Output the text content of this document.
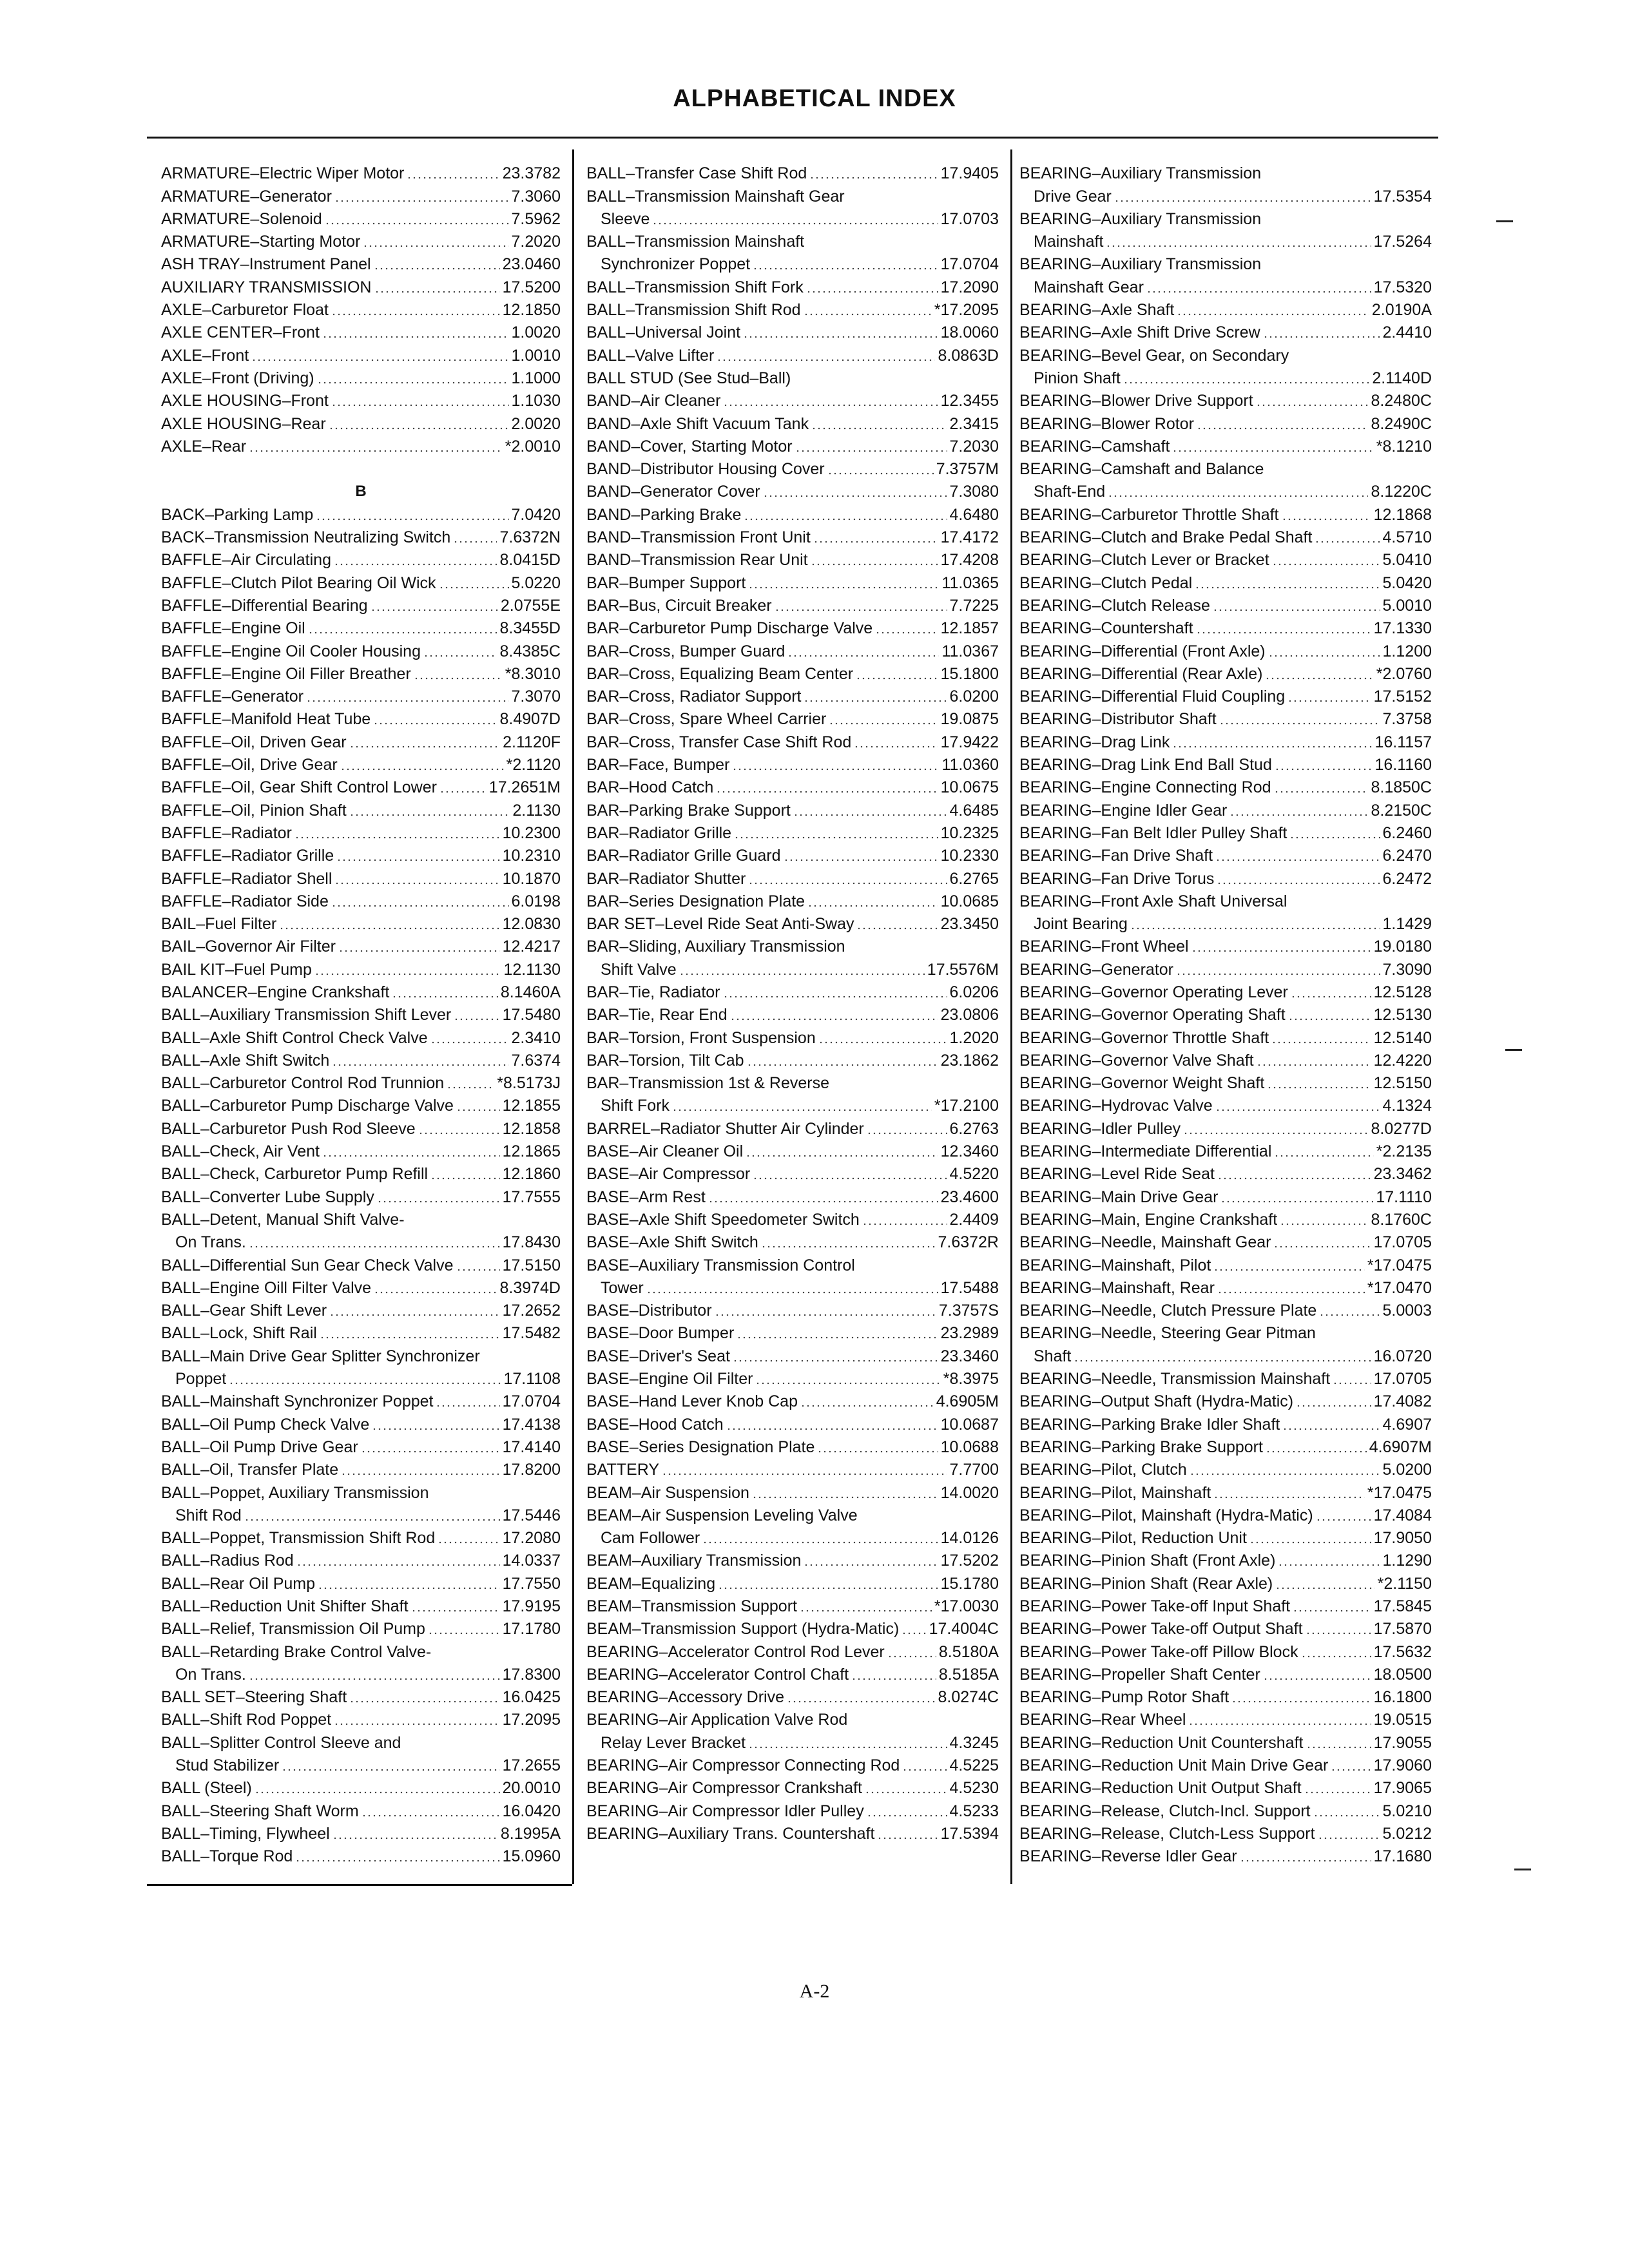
ALPHABETICAL INDEX
ARMATURE–Electric Wiper Motor	23.3782
ARMATURE–Generator	7.3060
ARMATURE–Solenoid	7.5962
ARMATURE–Starting Motor	7.2020
ASH TRAY–Instrument Panel	23.0460
AUXILIARY TRANSMISSION	17.5200
AXLE–Carburetor Float	12.1850
AXLE CENTER–Front	1.0020
AXLE–Front	1.0010
AXLE–Front (Driving)	1.1000
AXLE HOUSING–Front	1.1030
AXLE HOUSING–Rear	2.0020
AXLE–Rear	*2.0010
B
BACK–Parking Lamp	7.0420
BACK–Transmission Neutralizing Switch	7.6372N
BAFFLE–Air Circulating	8.0415D
BAFFLE–Clutch Pilot Bearing Oil Wick	5.0220
BAFFLE–Differential Bearing	2.0755E
BAFFLE–Engine Oil	8.3455D
BAFFLE–Engine Oil Cooler Housing	8.4385C
BAFFLE–Engine Oil Filler Breather	*8.3010
BAFFLE–Generator	7.3070
BAFFLE–Manifold Heat Tube	8.4907D
BAFFLE–Oil, Driven Gear	2.1120F
BAFFLE–Oil, Drive Gear	*2.1120
BAFFLE–Oil, Gear Shift Control Lower	17.2651M
BAFFLE–Oil, Pinion Shaft	2.1130
BAFFLE–Radiator	10.2300
BAFFLE–Radiator Grille	10.2310
BAFFLE–Radiator Shell	10.1870
BAFFLE–Radiator Side	6.0198
BAIL–Fuel Filter	12.0830
BAIL–Governor Air Filter	12.4217
BAIL KIT–Fuel Pump	12.1130
BALANCER–Engine Crankshaft	8.1460A
BALL–Auxiliary Transmission Shift Lever	17.5480
BALL–Axle Shift Control Check Valve	2.3410
BALL–Axle Shift Switch	7.6374
BALL–Carburetor Control Rod Trunnion	*8.5173J
BALL–Carburetor Pump Discharge Valve	12.1855
BALL–Carburetor Push Rod Sleeve	12.1858
BALL–Check, Air Vent	12.1865
BALL–Check, Carburetor Pump Refill	12.1860
BALL–Converter Lube Supply	17.7555
BALL–Detent, Manual Shift Valve-
On Trans.	17.8430
BALL–Differential Sun Gear Check Valve	17.5150
BALL–Engine Oill Filter Valve	8.3974D
BALL–Gear Shift Lever	17.2652
BALL–Lock, Shift Rail	17.5482
BALL–Main Drive Gear Splitter Synchronizer
Poppet	17.1108
BALL–Mainshaft Synchronizer Poppet	17.0704
BALL–Oil Pump Check Valve	17.4138
BALL–Oil Pump Drive Gear	17.4140
BALL–Oil, Transfer Plate	17.8200
BALL–Poppet, Auxiliary Transmission
Shift Rod	17.5446
BALL–Poppet, Transmission Shift Rod	17.2080
BALL–Radius Rod	14.0337
BALL–Rear Oil Pump	17.7550
BALL–Reduction Unit Shifter Shaft	17.9195
BALL–Relief, Transmission Oil Pump	17.1780
BALL–Retarding Brake Control Valve-
On Trans.	17.8300
BALL SET–Steering Shaft	16.0425
BALL–Shift Rod Poppet	17.2095
BALL–Splitter Control Sleeve and
Stud Stabilizer	17.2655
BALL (Steel)	20.0010
BALL–Steering Shaft Worm	16.0420
BALL–Timing, Flywheel	8.1995A
BALL–Torque Rod	15.0960
BALL–Transfer Case Shift Rod	17.9405
BALL–Transmission Mainshaft Gear
Sleeve	17.0703
BALL–Transmission Mainshaft
Synchronizer Poppet	17.0704
BALL–Transmission Shift Fork	17.2090
BALL–Transmission Shift Rod	*17.2095
BALL–Universal Joint	18.0060
BALL–Valve Lifter	8.0863D
BALL STUD (See Stud–Ball)
BAND–Air Cleaner	12.3455
BAND–Axle Shift Vacuum Tank	2.3415
BAND–Cover, Starting Motor	7.2030
BAND–Distributor Housing Cover	7.3757M
BAND–Generator Cover	7.3080
BAND–Parking Brake	4.6480
BAND–Transmission Front Unit	17.4172
BAND–Transmission Rear Unit	17.4208
BAR–Bumper Support	11.0365
BAR–Bus, Circuit Breaker	7.7225
BAR–Carburetor Pump Discharge Valve	12.1857
BAR–Cross, Bumper Guard	11.0367
BAR–Cross, Equalizing Beam Center	15.1800
BAR–Cross, Radiator Support	6.0200
BAR–Cross, Spare Wheel Carrier	19.0875
BAR–Cross, Transfer Case Shift Rod	17.9422
BAR–Face, Bumper	11.0360
BAR–Hood Catch	10.0675
BAR–Parking Brake Support	4.6485
BAR–Radiator Grille	10.2325
BAR–Radiator Grille Guard	10.2330
BAR–Radiator Shutter	6.2765
BAR–Series Designation Plate	10.0685
BAR SET–Level Ride Seat Anti-Sway	23.3450
BAR–Sliding, Auxiliary Transmission
Shift Valve	17.5576M
BAR–Tie, Radiator	6.0206
BAR–Tie, Rear End	23.0806
BAR–Torsion, Front Suspension	1.2020
BAR–Torsion, Tilt Cab	23.1862
BAR–Transmission 1st & Reverse
Shift Fork	*17.2100
BARREL–Radiator Shutter Air Cylinder	6.2763
BASE–Air Cleaner Oil	12.3460
BASE–Air Compressor	4.5220
BASE–Arm Rest	23.4600
BASE–Axle Shift Speedometer Switch	2.4409
BASE–Axle Shift Switch	7.6372R
BASE–Auxiliary Transmission Control
Tower	17.5488
BASE–Distributor	7.3757S
BASE–Door Bumper	23.2989
BASE–Driver's Seat	23.3460
BASE–Engine Oil Filter	*8.3975
BASE–Hand Lever Knob Cap	4.6905M
BASE–Hood Catch	10.0687
BASE–Series Designation Plate	10.0688
BATTERY	7.7700
BEAM–Air Suspension	14.0020
BEAM–Air Suspension Leveling Valve
Cam Follower	14.0126
BEAM–Auxiliary Transmission	17.5202
BEAM–Equalizing	15.1780
BEAM–Transmission Support	*17.0030
BEAM–Transmission Support (Hydra-Matic) 17.4004C
BEARING–Accelerator Control Rod Lever	8.5180A
BEARING–Accelerator Control Chaft	8.5185A
BEARING–Accessory Drive	8.0274C
BEARING–Air Application Valve Rod
Relay Lever Bracket	4.3245
BEARING–Air Compressor Connecting Rod	4.5225
BEARING–Air Compressor Crankshaft	4.5230
BEARING–Air Compressor Idler Pulley	4.5233
BEARING–Auxiliary Trans. Countershaft	17.5394
BEARING–Auxiliary Transmission
Drive Gear	17.5354
BEARING–Auxiliary Transmission
Mainshaft	17.5264
BEARING–Auxiliary Transmission
Mainshaft Gear	17.5320
BEARING–Axle Shaft	2.0190A
BEARING–Axle Shift Drive Screw	2.4410
BEARING–Bevel Gear, on Secondary
Pinion Shaft	2.1140D
BEARING–Blower Drive Support	8.2480C
BEARING–Blower Rotor	8.2490C
BEARING–Camshaft	*8.1210
BEARING–Camshaft and Balance
Shaft-End	8.1220C
BEARING–Carburetor Throttle Shaft	12.1868
BEARING–Clutch and Brake Pedal Shaft	4.5710
BEARING–Clutch Lever or Bracket	5.0410
BEARING–Clutch Pedal	5.0420
BEARING–Clutch Release	5.0010
BEARING–Countershaft	17.1330
BEARING–Differential (Front Axle)	1.1200
BEARING–Differential (Rear Axle)	*2.0760
BEARING–Differential Fluid Coupling	17.5152
BEARING–Distributor Shaft	7.3758
BEARING–Drag Link	16.1157
BEARING–Drag Link End Ball Stud	16.1160
BEARING–Engine Connecting Rod	8.1850C
BEARING–Engine Idler Gear	8.2150C
BEARING–Fan Belt Idler Pulley Shaft	6.2460
BEARING–Fan Drive Shaft	6.2470
BEARING–Fan Drive Torus	6.2472
BEARING–Front Axle Shaft Universal
Joint Bearing	1.1429
BEARING–Front Wheel	19.0180
BEARING–Generator	7.3090
BEARING–Governor Operating Lever	12.5128
BEARING–Governor Operating Shaft	12.5130
BEARING–Governor Throttle Shaft	12.5140
BEARING–Governor Valve Shaft	12.4220
BEARING–Governor Weight Shaft	12.5150
BEARING–Hydrovac Valve	4.1324
BEARING–Idler Pulley	8.0277D
BEARING–Intermediate Differential	*2.2135
BEARING–Level Ride Seat	23.3462
BEARING–Main Drive Gear	17.1110
BEARING–Main, Engine Crankshaft	8.1760C
BEARING–Needle, Mainshaft Gear	17.0705
BEARING–Mainshaft, Pilot	*17.0475
BEARING–Mainshaft, Rear	*17.0470
BEARING–Needle, Clutch Pressure Plate	5.0003
BEARING–Needle, Steering Gear Pitman
Shaft	16.0720
BEARING–Needle, Transmission Mainshaft	17.0705
BEARING–Output Shaft (Hydra-Matic)	17.4082
BEARING–Parking Brake Idler Shaft	4.6907
BEARING–Parking Brake Support	4.6907M
BEARING–Pilot, Clutch	5.0200
BEARING–Pilot, Mainshaft	*17.0475
BEARING–Pilot, Mainshaft (Hydra-Matic)	17.4084
BEARING–Pilot, Reduction Unit	17.9050
BEARING–Pinion Shaft (Front Axle)	1.1290
BEARING–Pinion Shaft (Rear Axle)	*2.1150
BEARING–Power Take-off Input Shaft	17.5845
BEARING–Power Take-off Output Shaft	17.5870
BEARING–Power Take-off Pillow Block	17.5632
BEARING–Propeller Shaft Center	18.0500
BEARING–Pump Rotor Shaft	16.1800
BEARING–Rear Wheel	19.0515
BEARING–Reduction Unit Countershaft	17.9055
BEARING–Reduction Unit Main Drive Gear	17.9060
BEARING–Reduction Unit Output Shaft	17.9065
BEARING–Release, Clutch-Incl. Support	5.0210
BEARING–Release, Clutch-Less Support	5.0212
BEARING–Reverse Idler Gear	17.1680
A-2
